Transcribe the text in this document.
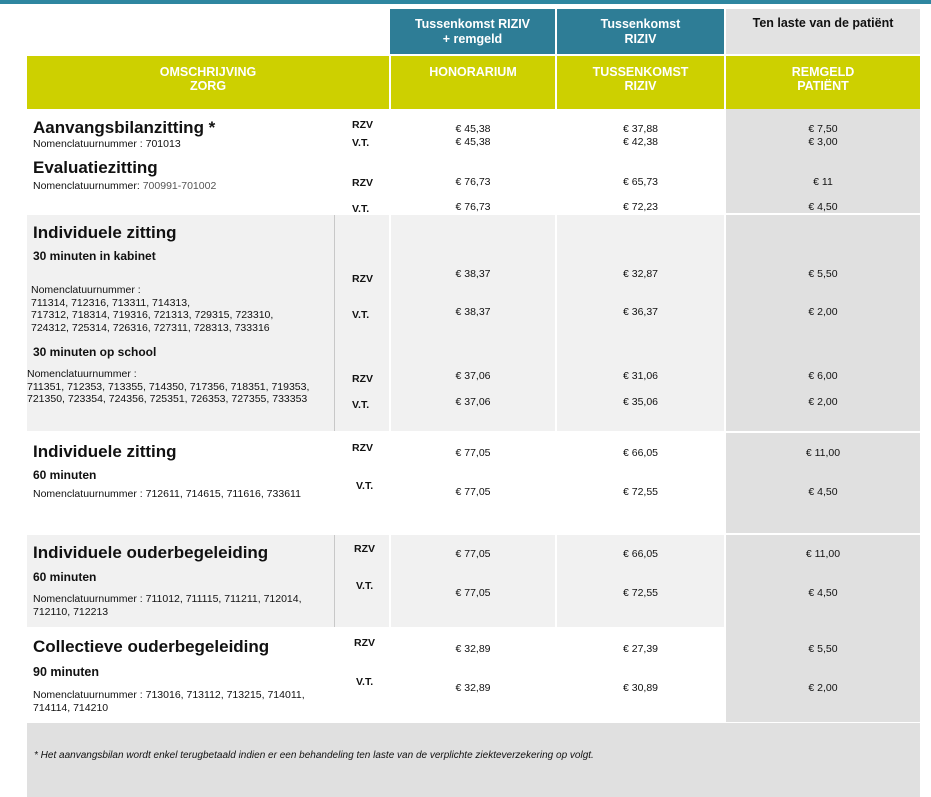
Tussenkomst RIZIV
+ remgeld
Tussenkomst
RIZIV
Ten laste van de patiënt
OMSCHRIJVING
ZORG
HONORARIUM	TUSSENKOMST
RIZIV
REMGELD
PATIËNT
Aanvangsbilanzitting *
Nomenclatuurnummer : 701013
RZV
V.T.
€ 45,38
€ 45,38
€ 37,88
€ 42,38
€ 7,50
€ 3,00
Evaluatiezitting
Nomenclatuurnummer: 700991-701002	RZV
V.T.
€ 76,73
€ 76,73
€ 65,73
€ 72,23
€ 11
€ 4,50
Individuele zitting
30 minuten in kabinet
Nomenclatuurnummer :
711314, 712316, 713311, 714313,
717312, 718314, 719316, 721313, 729315, 723310,
724312, 725314, 726316, 727311, 728313, 733316
RZV
V.T.
€ 38,37
€ 38,37
€ 32,87
€ 36,37
€ 5,50
€ 2,00
30 minuten op school
Nomenclatuurnummer :
711351, 712353, 713355, 714350, 717356, 718351, 719353,
721350, 723354, 724356, 725351, 726353, 727355, 733353
RZV
V.T.
€ 37,06
€ 37,06
€ 31,06
€ 35,06
€ 6,00
€ 2,00
Individuele zitting
60 minuten
Nomenclatuurnummer : 712611, 714615, 711616, 733611
RZV
V.T.
€ 77,05
€ 77,05
€ 66,05
€ 72,55
€ 11,00
€ 4,50
Individuele ouderbegeleiding
60 minuten
Nomenclatuurnummer : 711012, 711115, 711211, 712014,
712110, 712213
RZV
V.T.
€ 77,05
€ 77,05
€ 66,05
€ 72,55
€ 11,00
€ 4,50
Collectieve ouderbegeleiding
90 minuten
Nomenclatuurnummer : 713016, 713112, 713215, 714011,
714114, 714210
RZV
V.T.
€ 32,89
€ 32,89
€ 27,39
€ 30,89
€ 5,50
€ 2,00
* Het aanvangsbilan wordt enkel terugbetaald indien er een behandeling ten laste van de verplichte ziekteverzekering op volgt.
